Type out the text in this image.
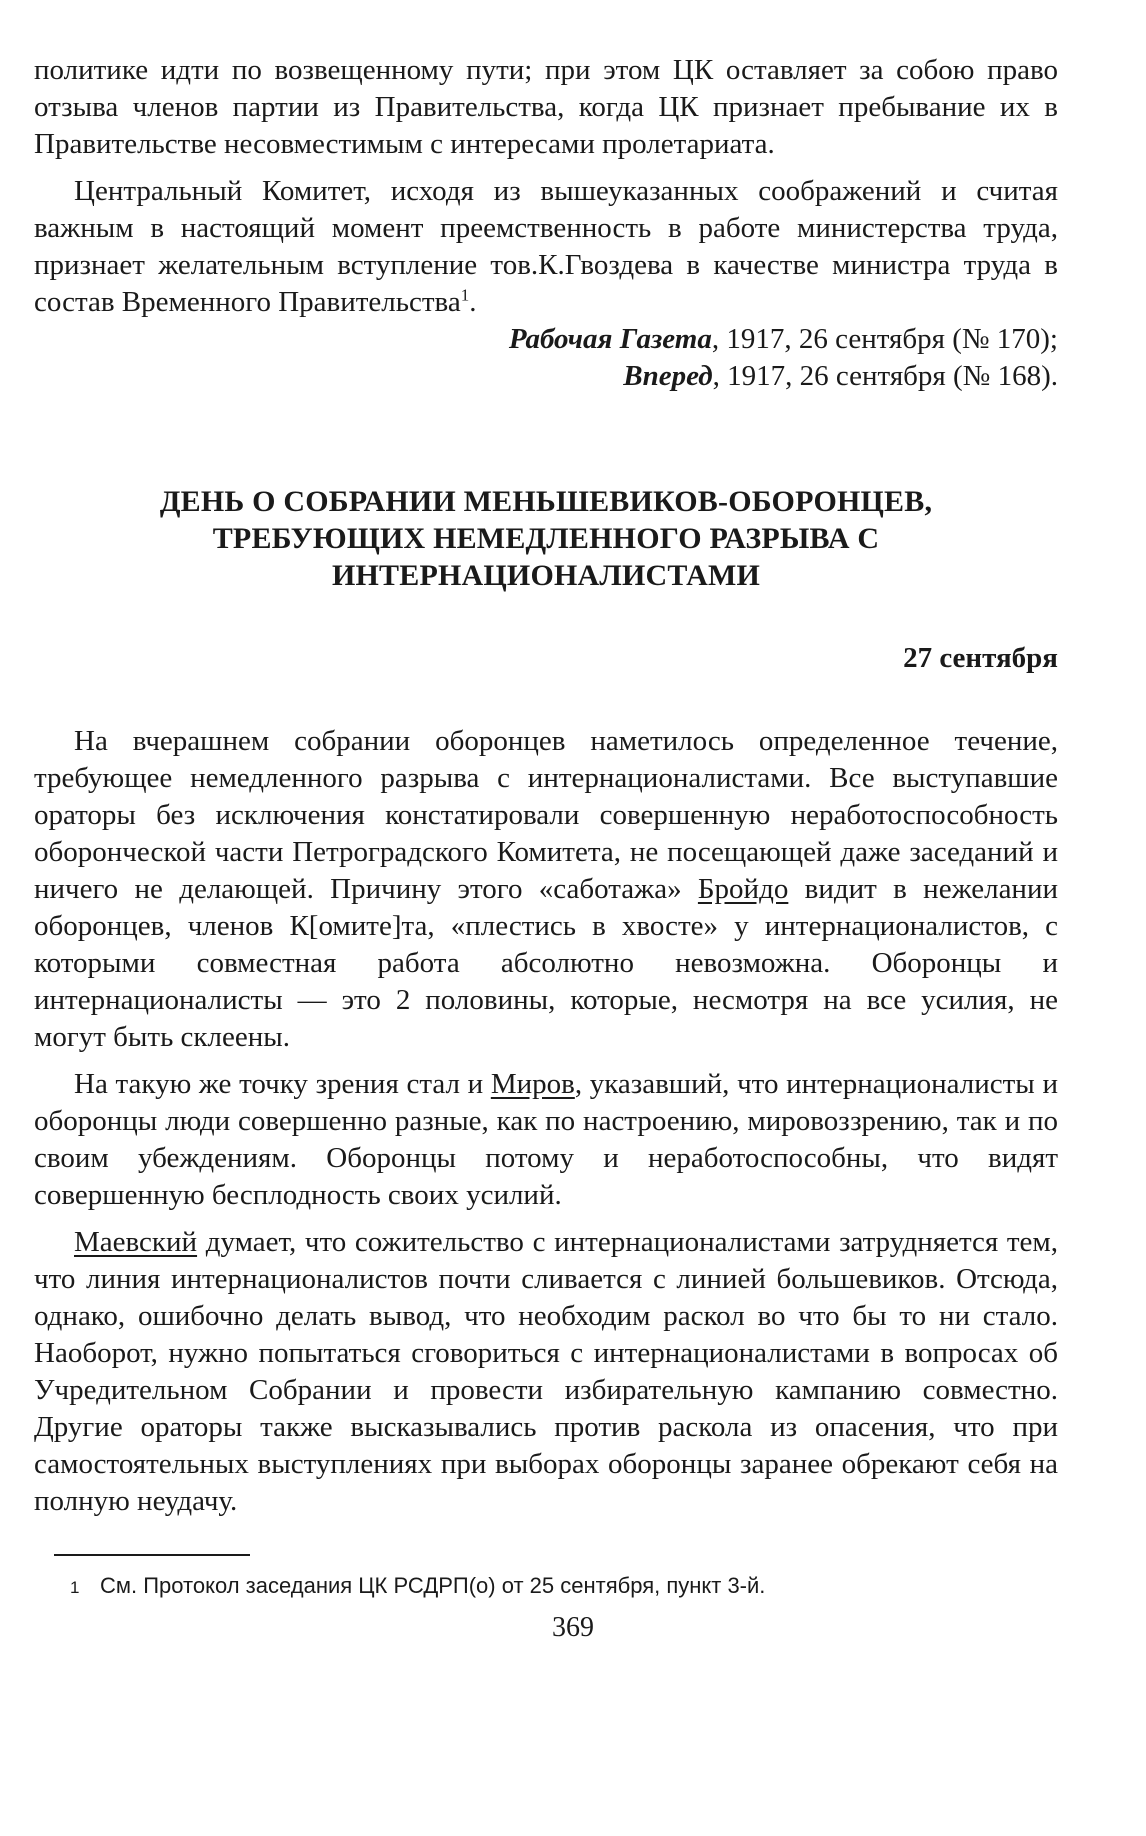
политике идти по возвещенному пути; при этом ЦК оставляет за собою право отзыва членов партии из Правительства, когда ЦК признает пребывание их в Правительстве несовместимым с интересами пролетариата.

Центральный Комитет, исходя из вышеуказанных соображений и считая важным в настоящий момент преемственность в работе министерства труда, признает желательным вступление тов.К.Гвоздева в качестве министра труда в состав Временного Правительства$^1$.

Рабочая Газета, 1917, 26 сентября (№ 170);

Вперед, 1917, 26 сентября (№ 168).

ДЕНЬ О СОБРАНИИ МЕНЬШЕВИКОВ-ОБОРОНЦЕВ,
ТРЕБУЮЩИХ НЕМЕДЛЕННОГО РАЗРЫВА С
ИНТЕРНАЦИОНАЛИСТАМИ
27 сентября

На вчерашнем собрании оборонцев наметилось определенное течение, требующее немедленного разрыва с интернационалистами. Все выступавшие ораторы без исключения констатировали совершенную неработоспособность оборонческой части Петроградского Комитета, не посещающей даже заседаний и ничего не делающей. Причину этого «саботажа» Бройдо видит в нежелании оборонцев, членов К[омите]та, «плестись в хвосте» у интернационалистов, с которыми совместная работа абсолютно невозможна. Оборонцы и интернационалисты — это 2 половины, которые, несмотря на все усилия, не могут быть склеены.

На такую же точку зрения стал и Миров, указавший, что интернационалисты и оборонцы люди совершенно разные, как по настроению, мировоззрению, так и по своим убеждениям. Оборонцы потому и неработоспособны, что видят совершенную бесплодность своих усилий.

Маевский думает, что сожительство с интернационалистами затрудняется тем, что линия интернационалистов почти сливается с линией большевиков. Отсюда, однако, ошибочно делать вывод, что необходим раскол во что бы то ни стало. Наоборот, нужно попытаться сговориться с интернационалистами в вопросах об Учредительном Собрании и провести избирательную кампанию совместно. Другие ораторы также высказывались против раскола из опасения, что при самостоятельных выступлениях при выборах оборонцы заранее обрекают себя на полную неудачу.

1 См. Протокол заседания ЦК РСДРП(о) от 25 сентября, пункт 3-й.
369
